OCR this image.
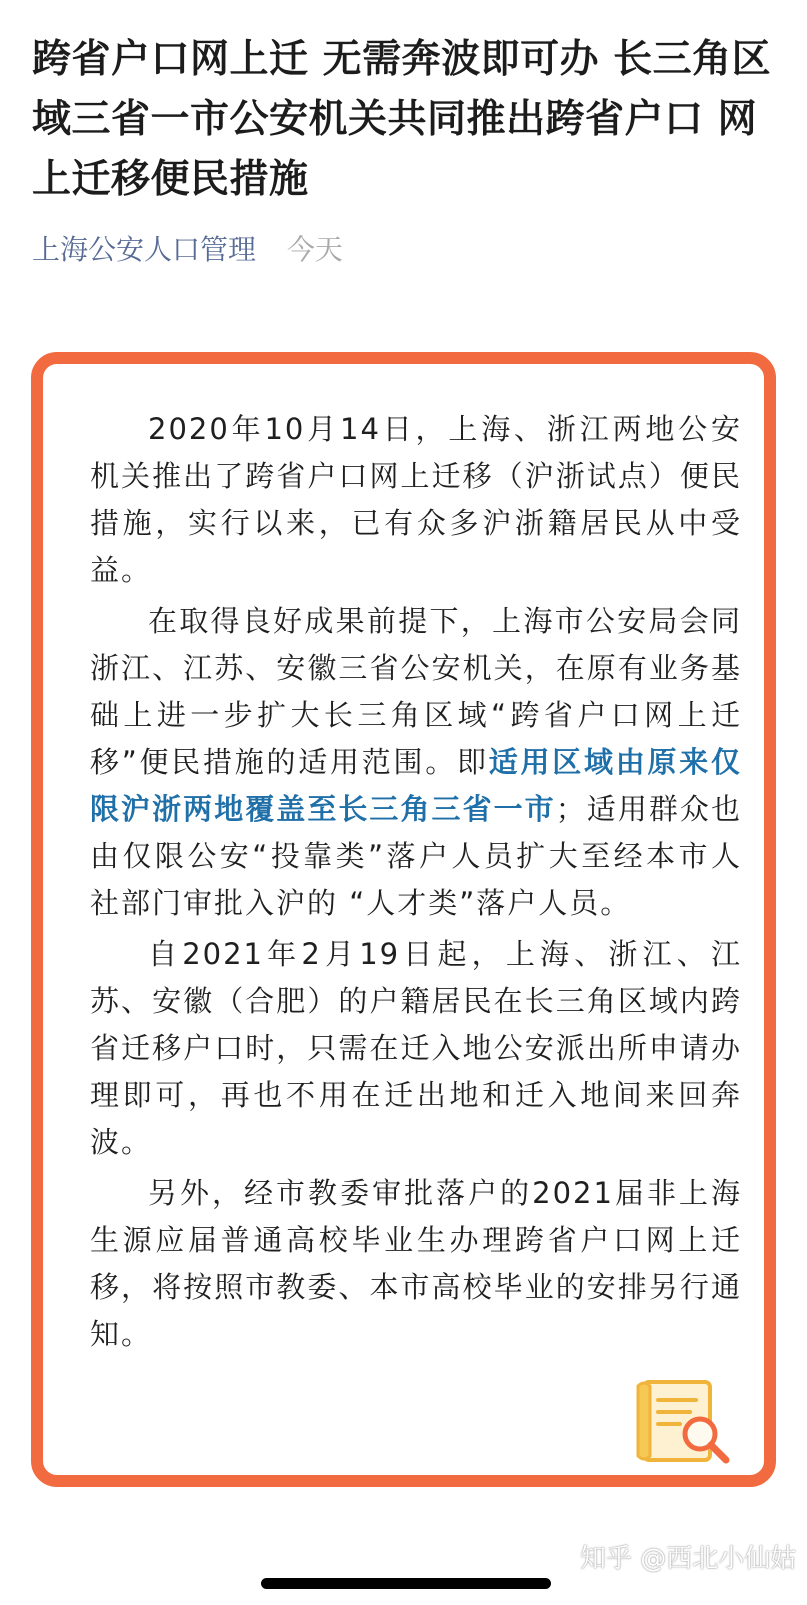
跨省户口网上迁 无需奔波即可办 长三角区域三省一市公安机关共同推出跨省户口 网上迁移便民措施
上海公安人口管理 今天

2020年10月14日，上海、浙江两地公安机关推出了跨省户口网上迁移（沪浙试点）便民措施，实行以来，已有众多沪浙籍居民从中受益。

在取得良好成果前提下，上海市公安局会同浙江、江苏、安徽三省公安机关，在原有业务基础上进一步扩大长三角区域“跨省户口网上迁移”便民措施的适用范围。即适用区域由原来仅限沪浙两地覆盖至长三角三省一市；适用群众也由仅限公安“投靠类”落户人员扩大至经本市人社部门审批入沪的 “人才类”落户人员。

自2021年2月19日起，上海、浙江、江苏、安徽（合肥）的户籍居民在长三角区域内跨省迁移户口时，只需在迁入地公安派出所申请办理即可，再也不用在迁出地和迁入地间来回奔波。

另外，经市教委审批落户的2021届非上海生源应届普通高校毕业生办理跨省户口网上迁移，将按照市教委、本市高校毕业的安排另行通知。

知乎 @西北小仙姑
